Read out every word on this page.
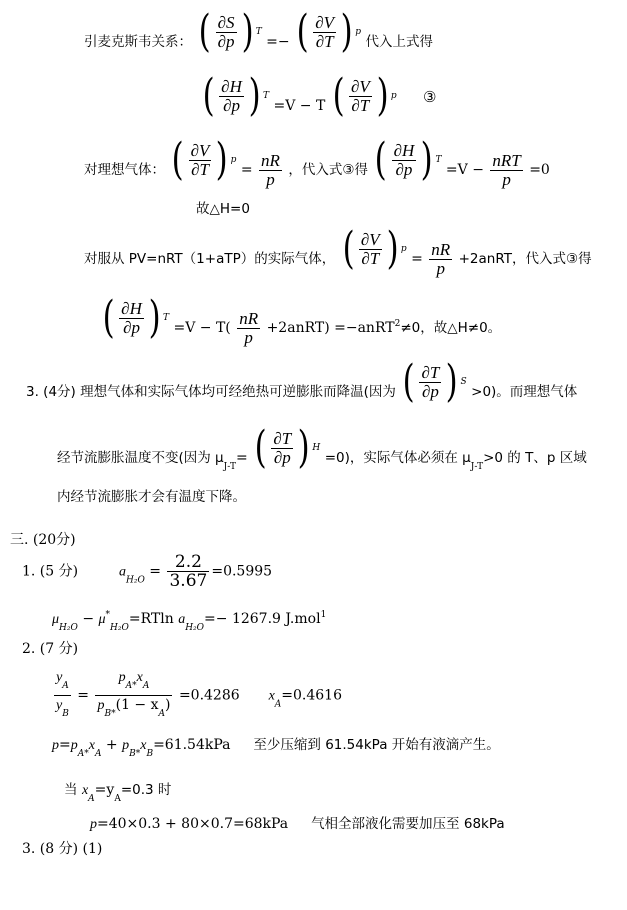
引麦克斯韦关系： ( $\frac{\partial S}{\partial p}$ ) T
=− ( $\frac{\partial V}{\partial T}$ ) p
代入上式得
( $\frac{\partial H}{\partial p}$ ) T
=V − T ( $\frac{\partial V}{\partial T}$ ) p ③
对理想气体： ( $\frac{\partial V}{\partial T}$ ) p
= $\frac{nR}{p}$ ，代入式③得 ( $\frac{\partial H}{\partial p}$ ) T
$=V - \frac{\text{nRT}}{p} =0$
故△H=0
对服从 PV=nRT（1+aTP）的实际气体， ( $\frac{\partial V}{\partial T}$ ) p
= $\frac{nR}{p}$ +2anRT，代入式③得
( $\frac{\partial H}{\partial p}$ ) T
$=V - T( \frac{nR}{p}$ +2anRT) =−anRT$^2$≠0，故△H≠0。
3. (4分) 理想气体和实际气体均可经绝热可逆膨胀而降温(因为 ( $\frac{\partial T}{\partial p}$ ) S
>0)。而理想气体
经节流膨胀温度不变(因为 $\mu_{J-T}=$ ( $\frac{\partial T}{\partial p}$ ) H
=0)，实际气体必须在 $\mu_{J-T}>0$ 的 T、p 区域
内经节流膨胀才会有温度下降。
三. (20分)
1. (5 分)	$a_{H_2O} = \frac{2.2}{3.67} =0.5995$
$\mu_{H_2O} - \mu^*_{H_2O}=RTln$ $a_{H_2O}=- 1267.9$ J.mol$^1$
2. (7 分)
$\frac{y_A}{y_B} = \frac{p_{A*}x_A}{p_{B*}(1 - x_A)} =0.4286$ $x_A=0.4616$
$p=p_{A*}x_A + p_{B*}x_B=61.54kPa$ 至少压缩到 61.54kPa 开始有液滴产生。
当 $x_A=y_A=0.3$ 时
p=40×0.3 + 80×0.7=68kPa 气相全部液化需要加压至 68kPa
3. (8 分) (1)
